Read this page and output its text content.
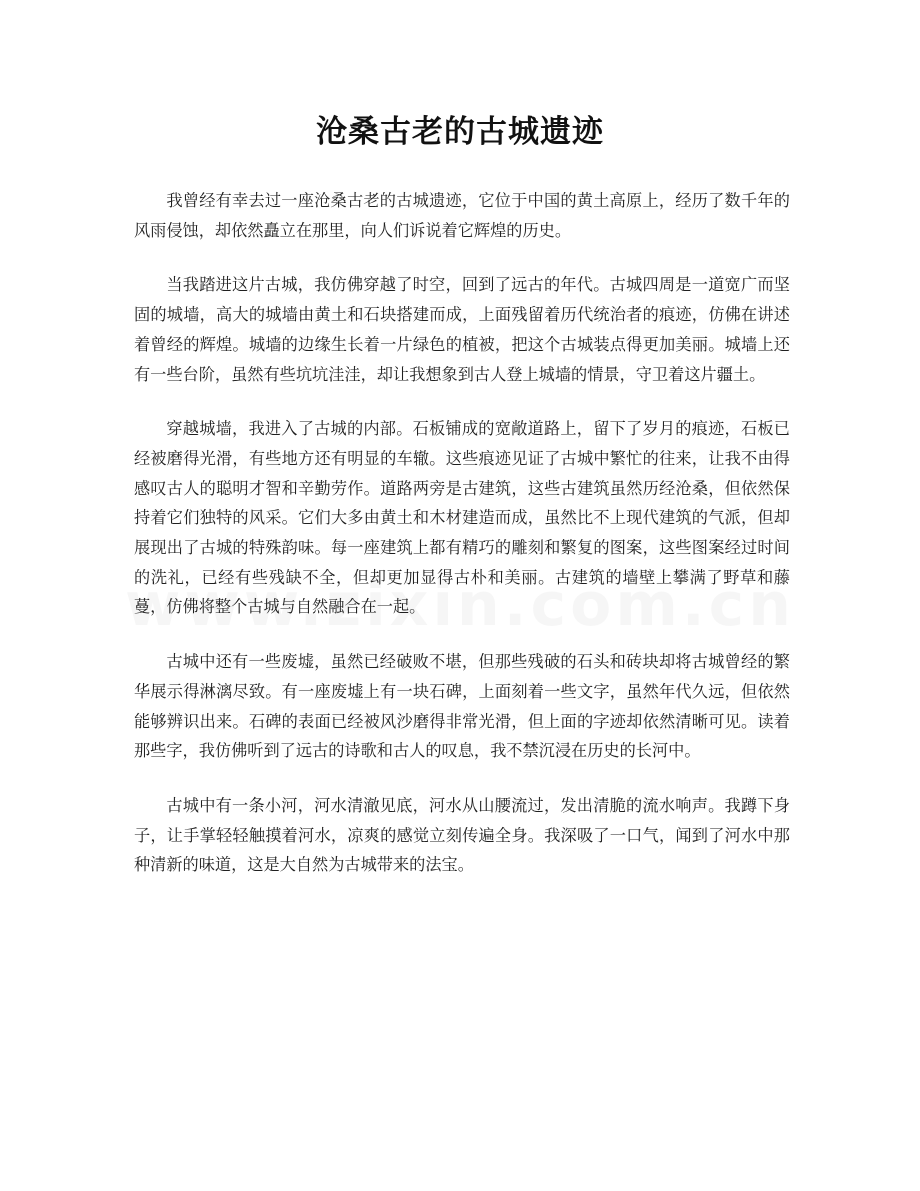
沧桑古老的古城遗迹

我曾经有幸去过一座沧桑古老的古城遗迹，它位于中国的黄土高原上，经历了数千年的风雨侵蚀，却依然矗立在那里，向人们诉说着它辉煌的历史。

当我踏进这片古城，我仿佛穿越了时空，回到了远古的年代。古城四周是一道宽广而坚固的城墙，高大的城墙由黄土和石块搭建而成，上面残留着历代统治者的痕迹，仿佛在讲述着曾经的辉煌。城墙的边缘生长着一片绿色的植被，把这个古城装点得更加美丽。城墙上还有一些台阶，虽然有些坑坑洼洼，却让我想象到古人登上城墙的情景，守卫着这片疆土。

穿越城墙，我进入了古城的内部。石板铺成的宽敞道路上，留下了岁月的痕迹，石板已经被磨得光滑，有些地方还有明显的车辙。这些痕迹见证了古城中繁忙的往来，让我不由得感叹古人的聪明才智和辛勤劳作。道路两旁是古建筑，这些古建筑虽然历经沧桑，但依然保持着它们独特的风采。它们大多由黄土和木材建造而成，虽然比不上现代建筑的气派，但却展现出了古城的特殊韵味。每一座建筑上都有精巧的雕刻和繁复的图案，这些图案经过时间的洗礼，已经有些残缺不全，但却更加显得古朴和美丽。古建筑的墙壁上攀满了野草和藤蔓，仿佛将整个古城与自然融合在一起。

古城中还有一些废墟，虽然已经破败不堪，但那些残破的石头和砖块却将古城曾经的繁华展示得淋漓尽致。有一座废墟上有一块石碑，上面刻着一些文字，虽然年代久远，但依然能够辨识出来。石碑的表面已经被风沙磨得非常光滑，但上面的字迹却依然清晰可见。读着那些字，我仿佛听到了远古的诗歌和古人的叹息，我不禁沉浸在历史的长河中。

古城中有一条小河，河水清澈见底，河水从山腰流过，发出清脆的流水响声。我蹲下身子，让手掌轻轻触摸着河水，凉爽的感觉立刻传遍全身。我深吸了一口气，闻到了河水中那种清新的味道，这是大自然为古城带来的法宝。
